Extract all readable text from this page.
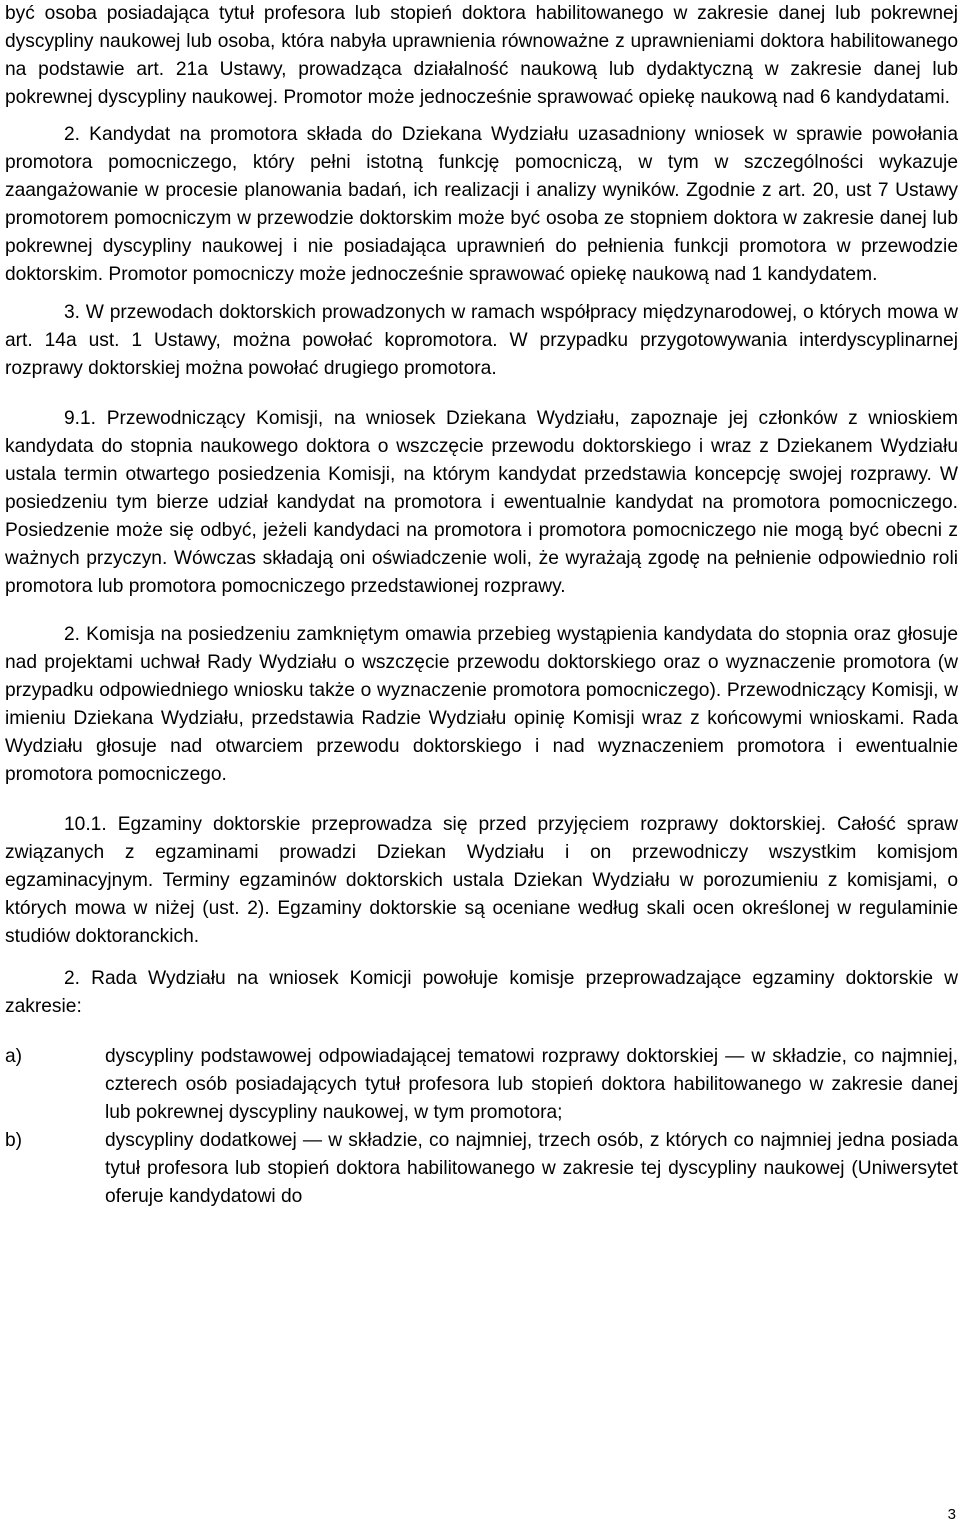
być osoba posiadająca tytuł profesora lub stopień doktora habilitowanego w zakresie danej lub pokrewnej dyscypliny naukowej lub osoba, która nabyła uprawnienia równoważne z uprawnieniami doktora habilitowanego na podstawie art. 21a Ustawy, prowadząca działalność naukową lub dydaktyczną w zakresie danej lub pokrewnej dyscypliny naukowej. Promotor może jednocześnie sprawować opiekę naukową nad 6 kandydatami.

2. Kandydat na promotora składa do Dziekana Wydziału uzasadniony wniosek w sprawie powołania promotora pomocniczego, który pełni istotną funkcję pomocniczą, w tym w szczególności wykazuje zaangażowanie w procesie planowania badań, ich realizacji i analizy wyników. Zgodnie z art. 20, ust 7 Ustawy promotorem pomocniczym w przewodzie doktorskim może być osoba ze stopniem doktora w zakresie danej lub pokrewnej dyscypliny naukowej i nie posiadająca uprawnień do pełnienia funkcji promotora w przewodzie doktorskim. Promotor pomocniczy może jednocześnie sprawować opiekę naukową nad 1 kandydatem.

3. W przewodach doktorskich prowadzonych w ramach współpracy międzynarodowej, o których mowa w art. 14a ust. 1 Ustawy, można powołać kopromotora. W przypadku przygotowywania interdyscyplinarnej rozprawy doktorskiej można powołać drugiego promotora.

9.1. Przewodniczący Komisji, na wniosek Dziekana Wydziału, zapoznaje jej członków z wnioskiem kandydata do stopnia naukowego doktora o wszczęcie przewodu doktorskiego i wraz z Dziekanem Wydziału ustala termin otwartego posiedzenia Komisji, na którym kandydat przedstawia koncepcję swojej rozprawy. W posiedzeniu tym bierze udział kandydat na promotora i ewentualnie kandydat na promotora pomocniczego. Posiedzenie może się odbyć, jeżeli kandydaci na promotora i promotora pomocniczego nie mogą być obecni z ważnych przyczyn. Wówczas składają oni oświadczenie woli, że wyrażają zgodę na pełnienie odpowiednio roli promotora lub promotora pomocniczego przedstawionej rozprawy.

2. Komisja na posiedzeniu zamkniętym omawia przebieg wystąpienia kandydata do stopnia oraz głosuje nad projektami uchwał Rady Wydziału o wszczęcie przewodu doktorskiego oraz o wyznaczenie promotora (w przypadku odpowiedniego wniosku także o wyznaczenie promotora pomocniczego). Przewodniczący Komisji, w imieniu Dziekana Wydziału, przedstawia Radzie Wydziału opinię Komisji wraz z końcowymi wnioskami. Rada Wydziału głosuje nad otwarciem przewodu doktorskiego i nad wyznaczeniem promotora i ewentualnie promotora pomocniczego.

10.1. Egzaminy doktorskie przeprowadza się przed przyjęciem rozprawy doktorskiej. Całość spraw związanych z egzaminami prowadzi Dziekan Wydziału i on przewodniczy wszystkim komisjom egzaminacyjnym. Terminy egzaminów doktorskich ustala Dziekan Wydziału w porozumieniu z komisjami, o których mowa w niżej (ust. 2). Egzaminy doktorskie są oceniane według skali ocen określonej w regulaminie studiów doktoranckich.

2. Rada Wydziału na wniosek Komicji powołuje komisje przeprowadzające egzaminy doktorskie w zakresie:

a)	dyscypliny podstawowej odpowiadającej tematowi rozprawy doktorskiej — w składzie, co najmniej, czterech osób posiadających tytuł profesora lub stopień doktora habilitowanego w zakresie danej lub pokrewnej dyscypliny naukowej, w tym promotora;

b)	dyscypliny dodatkowej — w składzie, co najmniej, trzech osób, z których co najmniej jedna posiada tytuł profesora lub stopień doktora habilitowanego w zakresie tej dyscypliny naukowej (Uniwersytet oferuje kandydatowi do

3
